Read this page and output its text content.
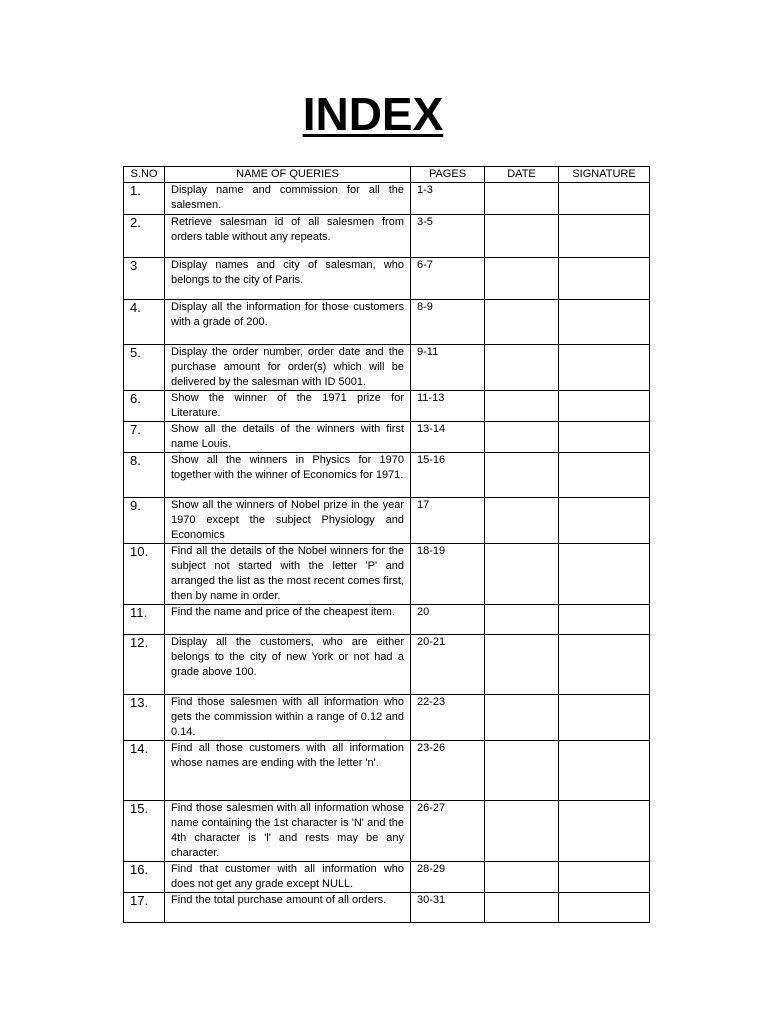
INDEX
S.NO	NAME OF QUERIES	PAGES	DATE	SIGNATURE
1.	Display name and commission for all the salesmen.	1-3		
2.	Retrieve salesman id of all salesmen from orders table without any repeats.	3-5		
3	Display names and city of salesman, who belongs to the city of Paris.	6-7		
4.	Display all the information for those customers with a grade of 200.	8-9		
5.	Display the order number, order date and the purchase amount for order(s) which will be delivered by the salesman with ID 5001.	9-11		
6.	Show the winner of the 1971 prize for Literature.	11-13		
7.	Show all the details of the winners with first name Louis.	13-14		
8.	Show all the winners in Physics for 1970 together with the winner of Economics for 1971.	15-16		
9.	Show all the winners of Nobel prize in the year 1970 except the subject Physiology and Economics	17		
10.	Find all the details of the Nobel winners for the subject not started with the letter 'P' and arranged the list as the most recent comes first, then by name in order.	18-19		
11.	Find the name and price of the cheapest item.	20		
12.	Display all the customers, who are either belongs to the city of new York or not had a grade above 100.	20-21		
13.	Find those salesmen with all information who gets the commission within a range of 0.12 and 0.14.	22-23		
14.	Find all those customers with all information whose names are ending with the letter 'n'.	23-26		
15.	Find those salesmen with all information whose name containing the 1st character is 'N' and the 4th character is 'l' and rests may be any character.	26-27		
16.	Find that customer with all information who does not get any grade except NULL.	28-29		
17.	Find the total purchase amount of all orders.	30-31		
